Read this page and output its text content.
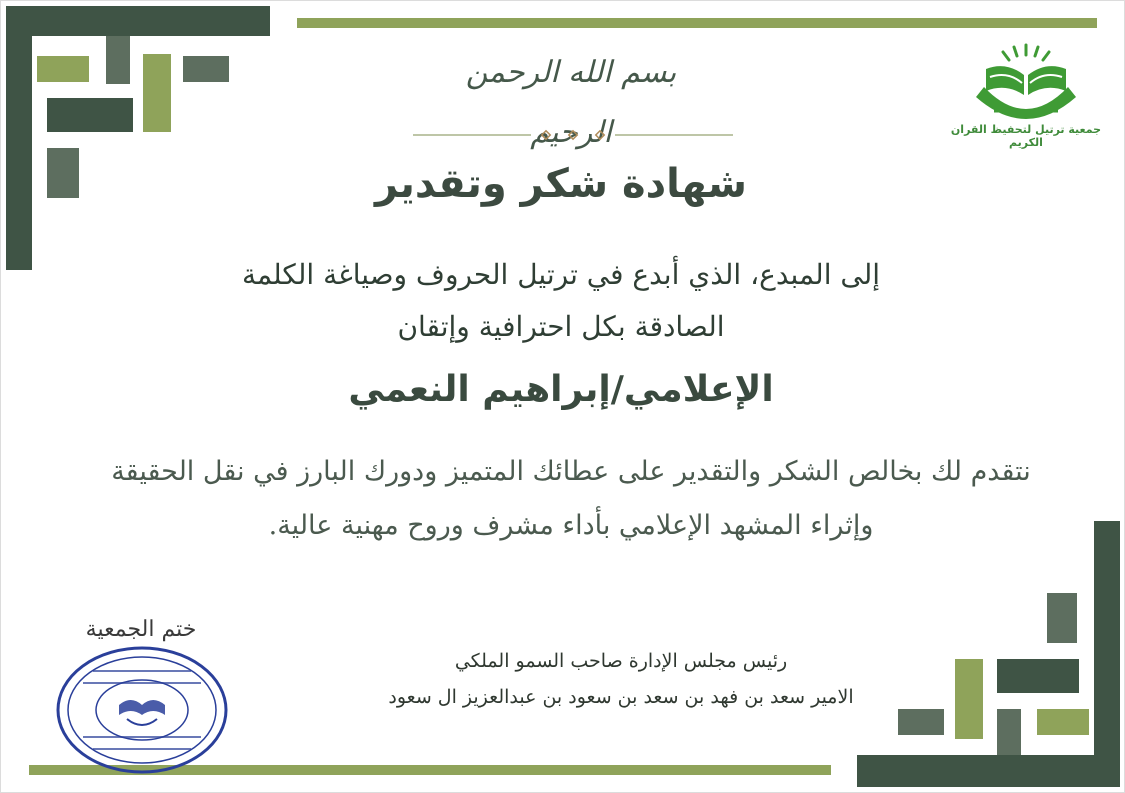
جمعية ترتيل لتحفيظ القران الكريم
بسم الله الرحمن الرحيم
شهادة شكر وتقدير
إلى المبدع، الذي أبدع في ترتيل الحروف وصياغة الكلمة
الصادقة بكل احترافية وإتقان
الإعلامي/إبراهيم النعمي
نتقدم لك بخالص الشكر والتقدير على عطائك المتميز ودورك البارز في نقل الحقيقة
وإثراء المشهد الإعلامي بأداء مشرف وروح مهنية عالية.
رئيس مجلس الإدارة صاحب السمو الملكي
الامير سعد بن فهد بن سعد بن سعود بن عبدالعزيز ال سعود
ختم الجمعية
